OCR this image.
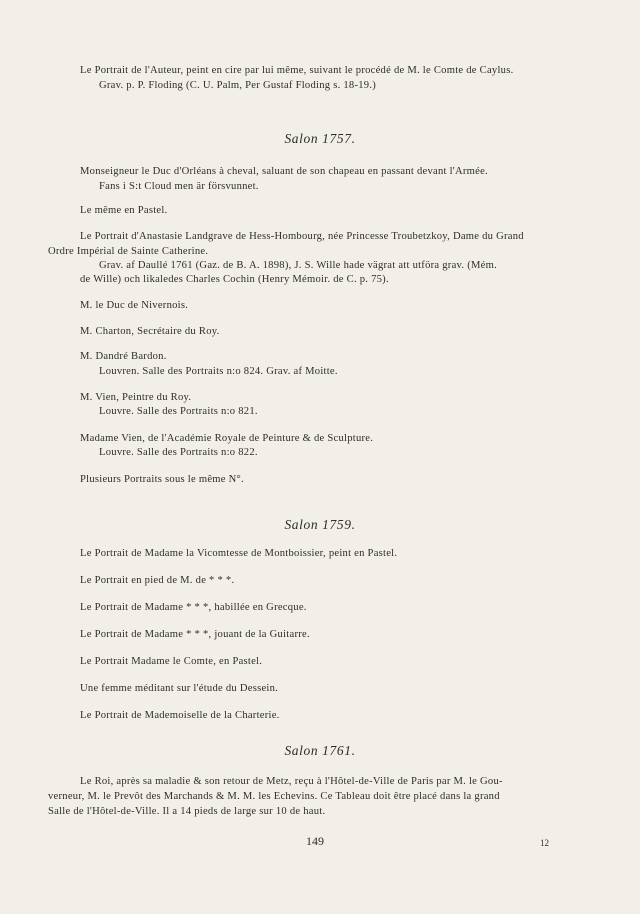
Le Portrait de l'Auteur, peint en cire par lui même, suivant le procédé de M. le Comte de Caylus.
Grav. p. P. Floding (C. U. Palm, Per Gustaf Floding s. 18-19.)
Salon 1757.
Monseigneur le Duc d'Orléans à cheval, saluant de son chapeau en passant devant l'Armée.
Fans i S:t Cloud men är försvunnet.
Le même en Pastel.
Le Portrait d'Anastasie Landgrave de Hess-Hombourg, née Princesse Troubetzkoy, Dame du Grand
Ordre Impérial de Sainte Catherine.
Grav. af Daullé 1761 (Gaz. de B. A. 1898), J. S. Wille hade vägrat att utföra grav. (Mém.
de Wille) och likaledes Charles Cochin (Henry Mémoir. de C. p. 75).
M. le Duc de Nivernois.
M. Charton, Secrétaire du Roy.
M. Dandré Bardon.
Louvren. Salle des Portraits n:o 824. Grav. af Moitte.
M. Vien, Peintre du Roy.
Louvre. Salle des Portraits n:o 821.
Madame Vien, de l'Académie Royale de Peinture & de Sculpture.
Louvre. Salle des Portraits n:o 822.
Plusieurs Portraits sous le même N°.
Salon 1759.
Le Portrait de Madame la Vicomtesse de Montboissier, peint en Pastel.
Le Portrait en pied de M. de * * *.
Le Portrait de Madame * * *, habillée en Grecque.
Le Portrait de Madame * * *, jouant de la Guitarre.
Le Portrait Madame le Comte, en Pastel.
Une femme méditant sur l'étude du Dessein.
Le Portrait de Mademoiselle de la Charterie.
Salon 1761.
Le Roi, après sa maladie & son retour de Metz, reçu à l'Hôtel-de-Ville de Paris par M. le Gou-
verneur, M. le Prevôt des Marchands & M. M. les Echevins. Ce Tableau doit être placé dans la grand
Salle de l'Hôtel-de-Ville. Il a 14 pieds de large sur 10 de haut.
149	12
